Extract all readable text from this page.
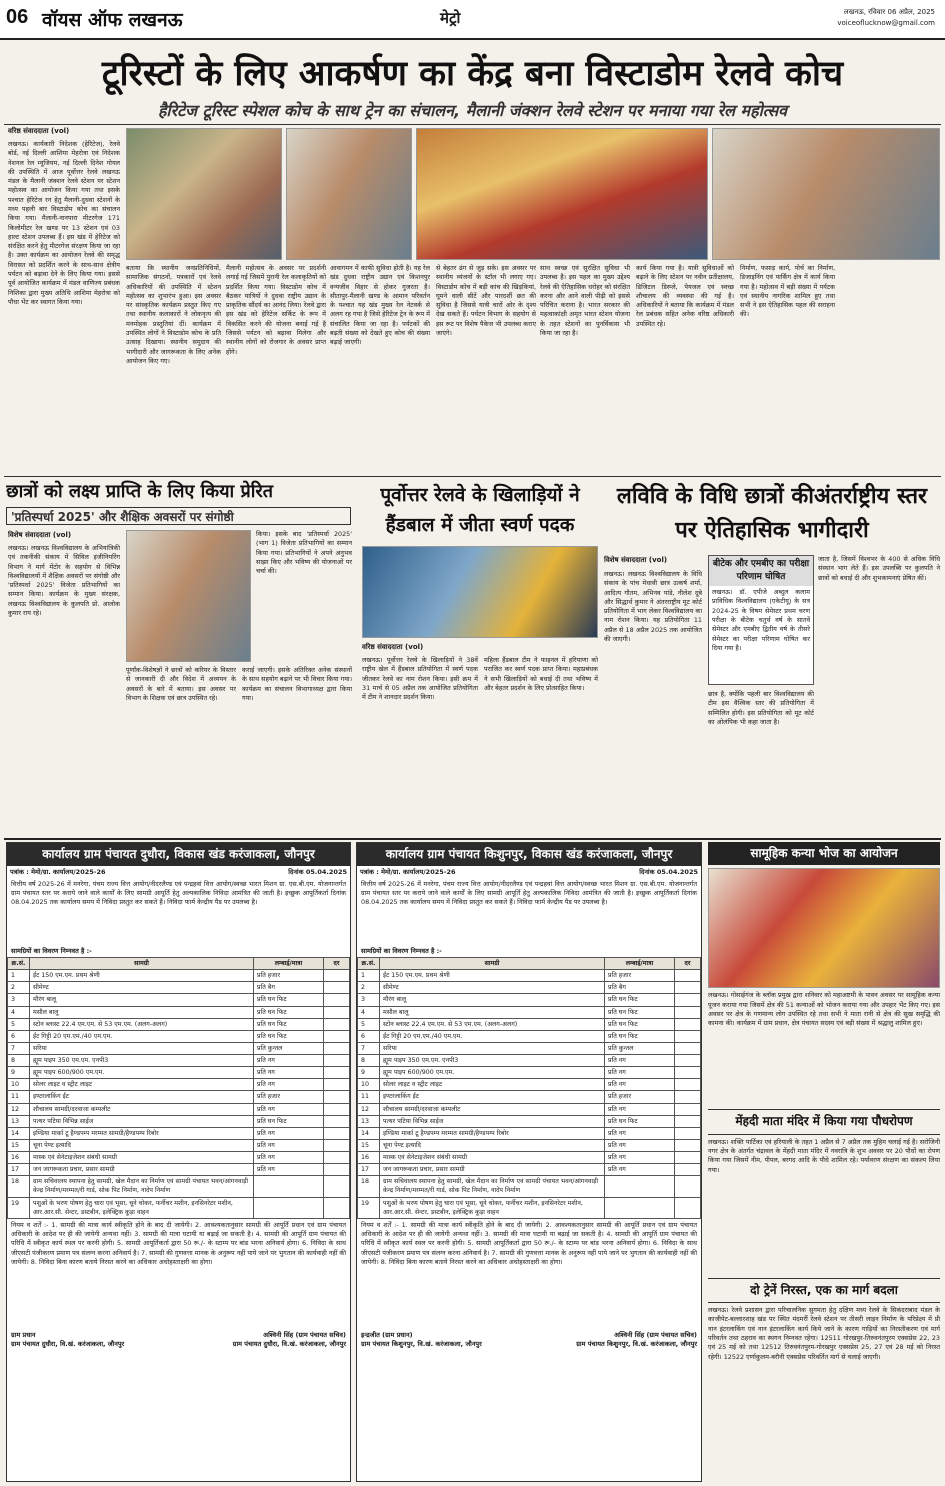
06 वॉयस ऑफ लखनऊ	मेट्रो	लखनऊ, रविवार 06 अप्रैल, 2025
voiceoflucknow@gmail.com
टूरिस्टों के लिए आकर्षण का केंद्र बना विस्टाडोम रेलवे कोच
हैरिटेज टूरिस्ट स्पेशल कोच के साथ ट्रेन का संचालन, मैलानी जंक्शन रेलवे स्टेशन पर मनाया गया रेल महोत्सव
वरिष्ठ संवाददाता (vol)
लखनऊ। कार्यकारी निदेशक (हेरिटेज), रेलवे बोर्ड, नई दिल्ली आशिमा मेहरोत्रा एवं निदेशक नेशनल रेल म्यूजियम, नई दिल्ली दिनेश गोयल की उपस्थिति में आज पूर्वोत्तर रेलवे लखनऊ मंडल के मैलानी जंक्शन रेलवे स्टेशन पर स्टेशन महोत्सव का आयोजन किया गया तथा इसके पश्चात हेरिटेज रन हेतु मैलानी-दुधवा स्टेशनों के मध्य पहली बार विस्टाडोम कोच का संचालन किया गया। मैलानी-नानपारा मीटरगेज 171 किलोमीटर रेल खण्ड पर 13 स्टेशन एवं 03 हाल्ट स्टेशन उपलब्ध हैं। इस खंड में हेरिटेज को संरक्षित करने हेतु मीटरगेज संरक्षण किया जा रहा है। उक्त कार्यक्रम का आयोजन रेलवे की समृद्ध विरासत को प्रदर्शित करने के साथ-साथ क्षेत्रीय पर्यटन को बढ़ावा देने के लिए किया गया। इससे पूर्व आयोजित कार्यक्रम में मंडल वाणिज्य प्रबंधक निशिका द्वारा मुख्य अतिथि आशिमा मेहरोत्रा को पौधा भेंट कर स्वागत किया गया।
बताया कि स्थानीय जनप्रतिनिधियों, सामाजिक संगठनों, पत्रकारों एवं रेलवे अधिकारियों की उपस्थिति में स्टेशन महोत्सव का शुभारंभ हुआ। इस अवसर पर सांस्कृतिक कार्यक्रम प्रस्तुत किए गए तथा स्थानीय कलाकारों ने लोकनृत्य की मनमोहक प्रस्तुतियां दीं। कार्यक्रम में उपस्थित लोगों ने विस्टाडोम कोच के प्रति उत्साह दिखाया। स्थानीय समुदाय की भागीदारी और जागरूकता के लिए अनेक आयोजन किए गए।
मैलानी महोत्सव के अवसर पर प्रदर्शनी लगाई गई जिसमें पुरानी रेल कलाकृतियों को प्रदर्शित किया गया। विस्टाडोम कोच में बैठकर यात्रियों ने दुधवा राष्ट्रीय उद्यान के प्राकृतिक सौंदर्य का आनंद लिया। रेलवे द्वारा इस खंड को हेरिटेज सर्किट के रूप में विकसित करने की योजना बनाई गई है जिससे पर्यटन को बढ़ावा मिलेगा और स्थानीय लोगों को रोजगार के अवसर प्राप्त होंगे।
आवागमन में काफी सुविधा होती है। यह रेल खंड दुधवा राष्ट्रीय उद्यान एवं किशनपुर वन्यजीव विहार से होकर गुजरता है। सीतापुर-मैलानी खण्ड के आमान परिवर्तन के पश्चात यह खंड मुख्य रेल नेटवर्क से अलग रह गया है जिसे हेरिटेज ट्रेन के रूप में संचालित किया जा रहा है। पर्यटकों की बढ़ती संख्या को देखते हुए कोच की संख्या बढ़ाई जाएगी।
से बेहतर ढंग से जुड़ सके। इस अवसर पर स्थानीय व्यंजनों के स्टॉल भी लगाए गए। विस्टाडोम कोच में बड़ी कांच की खिड़कियां, घूमने वाली सीटें और पारदर्शी छत की सुविधा है जिससे यात्री चारों ओर के दृश्य देख सकते हैं। पर्यटन विभाग के सहयोग से इस रूट पर विशेष पैकेज भी उपलब्ध कराए जाएंगे।
साथ स्वच्छ एवं सुरक्षित सुविधा भी उपलब्ध है। इस पहल का मुख्य उद्देश्य रेलवे की ऐतिहासिक धरोहर को संरक्षित करना और आने वाली पीढ़ी को इससे परिचित कराना है। भारत सरकार की महत्वाकांक्षी अमृत भारत स्टेशन योजना के तहत स्टेशनों का पुनर्विकास भी किया जा रहा है।
कार्य किया गया है। यात्री सुविधाओं को बढ़ाने के लिए स्टेशन पर नवीन प्रतीक्षालय, डिजिटल डिस्प्ले, पेयजल एवं स्वच्छ शौचालय की व्यवस्था की गई है। अधिकारियों ने बताया कि कार्यक्रम में मंडल रेल प्रबंधक सहित अनेक वरिष्ठ अधिकारी उपस्थित रहे।
निर्माण, फसाड़ कार्य, पोर्च का निर्माण, डिजाइनिंग एवं पार्किंग क्षेत्र में कार्य किया गया है। महोत्सव में बड़ी संख्या में पर्यटक एवं स्थानीय नागरिक शामिल हुए तथा सभी ने इस ऐतिहासिक पहल की सराहना की।
छात्रों को लक्ष्य प्राप्ति के लिए किया प्रेरित
'प्रतिस्पर्धा 2025' और शैक्षिक अवसरों पर संगोष्ठी
विशेष संवाददाता (vol)
लखनऊ। लखनऊ विश्वविद्यालय के अभियांत्रिकी एवं तकनीकी संकाय में सिविल इंजीनियरिंग विभाग ने मार्ग मेंटोर के सहयोग से विभिन्न विश्वविद्यालयों में शैक्षिक अवसरों पर संगोष्ठी और 'प्रतिस्पर्धा 2025' विजेता प्रतिभागियों का सम्मान किया। कार्यक्रम के मुख्य संरक्षक, लखनऊ विश्वविद्यालय के कुलपति प्रो. आलोक कुमार राय रहे।
किया। इसके बाद 'प्रतिस्पर्धा 2025' (भाग 1) विजेता प्रतिभागियों का सम्मान किया गया। प्रतिभागियों ने अपने अनुभव साझा किए और भविष्य की योजनाओं पर चर्चा की।
पूर्णांक-विशेषज्ञों ने छात्रों को करियर के विस्तार से जानकारी दी और विदेश में अध्ययन के अवसरों के बारे में बताया। इस अवसर पर विभाग के शिक्षक एवं छात्र उपस्थित रहे।
कराई जाएगी। इसके अतिरिक्त अनेक संस्थानों के साथ सहयोग बढ़ाने पर भी विचार किया गया। कार्यक्रम का संचालन विभागाध्यक्ष द्वारा किया गया।
पूर्वोत्तर रेलवे के खिलाड़ियों ने हैंडबाल में जीता स्वर्ण पदक
वरिष्ठ संवाददाता (vol)
लखनऊ। पूर्वोत्तर रेलवे के खिलाड़ियों ने 38वें राष्ट्रीय खेल में हैंडबाल प्रतियोगिता में स्वर्ण पदक जीतकर रेलवे का नाम रोशन किया। इसी क्रम में 31 मार्च से 05 अप्रैल तक आयोजित प्रतियोगिता में टीम ने शानदार प्रदर्शन किया।
महिला हैंडबाल टीम ने फाइनल में हरियाणा को पराजित कर स्वर्ण पदक प्राप्त किया। महाप्रबंधक ने सभी खिलाड़ियों को बधाई दी तथा भविष्य में और बेहतर प्रदर्शन के लिए प्रोत्साहित किया।
लविवि के विधि छात्रों कीअंतर्राष्ट्रीय स्तर पर ऐतिहासिक भागीदारी
विशेष संवाददाता (vol)
लखनऊ। लखनऊ विश्वविद्यालय के विधि संकाय के पांच मेधावी छात्र उत्कर्ष शर्मा, आदित्य गौतम, अभिनव पांडे, नीलेश दूबे और सिद्धार्थ कुमार ने अंतरराष्ट्रीय मूट कोर्ट प्रतियोगिता में भाग लेकर विश्वविद्यालय का नाम रोशन किया। यह प्रतियोगिता 11 अप्रैल से 18 अप्रैल 2025 तक आयोजित की जाएगी।
बीटेक और एमबीए का परीक्षा परिणाम घोषित
लखनऊ। डॉ. एपीजे अब्दुल कलाम प्राविधिक विश्वविद्यालय (एकेटीयू) के सत्र 2024-25 के विषम सेमेस्टर प्रथम चरण परीक्षा के बीटेक चतुर्थ वर्ष के सातवें सेमेस्टर और एमबीए द्वितीय वर्ष के तीसरे सेमेस्टर का परीक्षा परिणाम घोषित कर दिया गया है।
छात्र है, क्योंकि पहली बार विश्वविद्यालय की टीम इस वैश्विक स्तर की प्रतियोगिता में सम्मिलित होगी। इस प्रतियोगिता को मूट कोर्ट का ओलंपिक भी कहा जाता है।
जाता है, जिसमें विश्वभर के 400 से अधिक विधि संस्थान भाग लेते हैं। इस उपलब्धि पर कुलपति ने छात्रों को बधाई दी और शुभकामनाएं प्रेषित कीं।
कार्यालय ग्राम पंचायत दुधौरा, विकास खंड करंजाकला, जौनपुर
पत्रांक : मेमो/ग्रा. कार्यालय/2025-26	दिनांक 05.04.2025
वित्तीय वर्ष 2025-26 में मनरेगा, पंचम राज्य वित्त आयोग/नीदरलैण्ड एवं पन्द्रहवां वित्त आयोग/स्वच्छ भारत मिशन ग्रा. एस.बी.एम. योजनान्तर्गत ग्राम पंचायत स्तर पर कराये जाने वाले कार्यों के लिए सामग्री आपूर्ति हेतु अल्पकालिक निविदा आमंत्रित की जाती है। इच्छुक आपूर्तिकर्ता दिनांक 08.04.2025 तक कार्यालय समय में निविदा प्रस्तुत कर सकते हैं। निविदा फार्म केन्द्रीय पैड पर उपलब्ध है।
सामग्रियों का विवरण निम्नवत है :-
क्र.सं.	सामग्री	लम्बाई/मात्रा	दर
1	ईंट 150 एम.एम. प्रथम श्रेणी	प्रति हजार	
2	सीमेण्ट	प्रति बैग	
3	मौरंग बालू	प्रति घन फिट	
4	मसौल बालू	प्रति घन फिट	
5	स्टोन ब्लास्ट 22.4 एम.एम. से 53 एम.एम. (अलग-अलग)	प्रति घन फिट	
6	ईंट गिट्टी 20 एम.एम./40 एम.एम.	प्रति घन फिट	
7	सरिया	प्रति कुन्तल	
8	ह्यूम पाइप 350 एम.एम. एनपी3	प्रति नग	
9	ह्यूम पाइप 600/900 एम.एम.	प्रति नग	
10	सोलर लाइट व स्ट्रीट लाइट	प्रति नग	
11	इण्टरलाकिंग ईंट	प्रति हजार	
12	शौचालय सामग्री/दरवाजा कम्पलीट	प्रति नग	
13	पत्थर पटिया विभिन्न साईज	प्रति घन फिट	
14	इण्डिया मार्का टू हैण्डपम्प मरम्मत सामग्री/हैण्डपम्प रिबोर	प्रति नग	
15	चूना पेण्ट इत्यादि	प्रति नग	
16	मास्क एवं सेनेटाइजेशन संबंधी सामग्री	प्रति नग	
17	जन जागरूकता प्रचार, प्रसार सामग्री	प्रति नग	
18	ग्राम सचिवालय स्थापना हेतु सामग्री, खेल मैदान का निर्माण एवं सामग्री पंचायत भवन/आंगनवाड़ी केन्द्र निर्माण/मरम्मत/री गार्ड, सोक पिट निर्माण, नादेप निर्माण		
19	पशुओं के भरण पोषण हेतु चारा एवं भूसा, चूने चोकर, फर्नीचर मशीन, इनसिनरेटर मशीन, आर.आर.सी. सेन्टर, डस्टबीन, इलेक्ट्रिक कूड़ा वाहन		
नियम व शर्तें :- 1. सामग्री की मात्रा कार्य स्वीकृति होने के बाद दी जायेगी। 2. आवश्यकतानुसार सामग्री की आपूर्ति प्रधान एवं ग्राम पंचायत अधिकारी के आदेश पर ही की जायेगी अन्यथा नहीं। 3. सामग्री की मात्रा घटायी या बढ़ाई जा सकती है। 4. सामग्री की आपूर्ति ग्राम पंचायत की परिधि में स्वीकृत कार्य स्थल पर करनी होगी। 5. सामग्री आपूर्तिकर्ता द्वारा 50 रू./- के स्टाम्प पर बांड भरना अनिवार्य होगा। 6. निविदा के साथ जीएसटी पंजीकरण प्रमाण पत्र संलग्न करना अनिवार्य है। 7. सामग्री की गुणवत्ता मानक के अनुरूप नहीं पाये जाने पर भुगतान की कार्यवाही नहीं की जायेगी। 8. निविदा बिना कारण बताये निरस्त करने का अधिकार अधोहस्ताक्षरी का होगा।
ग्राम प्रधान
ग्राम पंचायत दुधौरा, वि.खं. करंजाकला, जौनपुर
अश्विनी सिंह (ग्राम पंचायत सचिव)
ग्राम पंचायत दुधौरा, वि.खं. करंजाकला, जौनपुर
कार्यालय ग्राम पंचायत किशुनपुर, विकास खंड करंजाकला, जौनपुर
पत्रांक : मेमो/ग्रा. कार्यालय/2025-26	दिनांक 05.04.2025
वित्तीय वर्ष 2025-26 में मनरेगा, पंचम राज्य वित्त आयोग/नीदरलैण्ड एवं पन्द्रहवां वित्त आयोग/स्वच्छ भारत मिशन ग्रा. एस.बी.एम. योजनान्तर्गत ग्राम पंचायत स्तर पर कराये जाने वाले कार्यों के लिए सामग्री आपूर्ति हेतु अल्पकालिक निविदा आमंत्रित की जाती है। इच्छुक आपूर्तिकर्ता दिनांक 08.04.2025 तक कार्यालय समय में निविदा प्रस्तुत कर सकते हैं। निविदा फार्म केन्द्रीय पैड पर उपलब्ध है।
सामग्रियों का विवरण निम्नवत है :-
क्र.सं.	सामग्री	लम्बाई/मात्रा	दर
1	ईंट 150 एम.एम. प्रथम श्रेणी	प्रति हजार	
2	सीमेण्ट	प्रति बैग	
3	मौरंग बालू	प्रति घन फिट	
4	मसौल बालू	प्रति घन फिट	
5	स्टोन ब्लास्ट 22.4 एम.एम. से 53 एम.एम. (अलग-अलग)	प्रति घन फिट	
6	ईंट गिट्टी 20 एम.एम./40 एम.एम.	प्रति घन फिट	
7	सरिया	प्रति कुन्तल	
8	ह्यूम पाइप 350 एम.एम. एनपी3	प्रति नग	
9	ह्यूम पाइप 600/900 एम.एम.	प्रति नग	
10	सोलर लाइट व स्ट्रीट लाइट	प्रति नग	
11	इण्टरलाकिंग ईंट	प्रति हजार	
12	शौचालय सामग्री/दरवाजा कम्पलीट	प्रति नग	
13	पत्थर पटिया विभिन्न साईज	प्रति घन फिट	
14	इण्डिया मार्का टू हैण्डपम्प मरम्मत सामग्री/हैण्डपम्प रिबोर	प्रति नग	
15	चूना पेण्ट इत्यादि	प्रति नग	
16	मास्क एवं सेनेटाइजेशन संबंधी सामग्री	प्रति नग	
17	जन जागरूकता प्रचार, प्रसार सामग्री	प्रति नग	
18	ग्राम सचिवालय स्थापना हेतु सामग्री, खेल मैदान का निर्माण एवं सामग्री पंचायत भवन/आंगनवाड़ी केन्द्र निर्माण/मरम्मत/री गार्ड, सोक पिट निर्माण, नादेप निर्माण		
19	पशुओं के भरण पोषण हेतु चारा एवं भूसा, चूने चोकर, फर्नीचर मशीन, इनसिनरेटर मशीन, आर.आर.सी. सेन्टर, डस्टबीन, इलेक्ट्रिक कूड़ा वाहन		
नियम व शर्तें :- 1. सामग्री की मात्रा कार्य स्वीकृति होने के बाद दी जायेगी। 2. आवश्यकतानुसार सामग्री की आपूर्ति प्रधान एवं ग्राम पंचायत अधिकारी के आदेश पर ही की जायेगी अन्यथा नहीं। 3. सामग्री की मात्रा घटायी या बढ़ाई जा सकती है। 4. सामग्री की आपूर्ति ग्राम पंचायत की परिधि में स्वीकृत कार्य स्थल पर करनी होगी। 5. सामग्री आपूर्तिकर्ता द्वारा 50 रू./- के स्टाम्प पर बांड भरना अनिवार्य होगा। 6. निविदा के साथ जीएसटी पंजीकरण प्रमाण पत्र संलग्न करना अनिवार्य है। 7. सामग्री की गुणवत्ता मानक के अनुरूप नहीं पाये जाने पर भुगतान की कार्यवाही नहीं की जायेगी। 8. निविदा बिना कारण बताये निरस्त करने का अधिकार अधोहस्ताक्षरी का होगा।
इन्द्रजीत (ग्राम प्रधान)
ग्राम पंचायत किशुनपुर, वि.खं. करंजाकला, जौनपुर
अश्विनी सिंह (ग्राम पंचायत सचिव)
ग्राम पंचायत किशुनपुर, वि.खं. करंजाकला, जौनपुर
सामूहिक कन्या भोज का आयोजन
लखनऊ। गोसाईगंज के ब्लॉक प्रमुख द्वारा शनिवार को महाअष्टमी के पावन अवसर पर सामूहिक कन्या पूजन कराया गया जिसमें क्षेत्र की 51 कन्याओं को भोजन कराया गया और उपहार भेंट किए गए। इस अवसर पर क्षेत्र के गणमान्य लोग उपस्थित रहे तथा सभी ने माता रानी से क्षेत्र की सुख समृद्धि की कामना की। कार्यक्रम में ग्राम प्रधान, क्षेत्र पंचायत सदस्य एवं बड़ी संख्या में श्रद्धालु शामिल हुए।
मेंहदी माता मंदिर में किया गया पौधरोपण
लखनऊ। शक्ति पार्टिका एवं हरियाली के तहत 1 अप्रैल से 7 अप्रैल तक मुहिम चलाई गई है। सरोजिनी नगर क्षेत्र के अंतर्गत चंद्रावल के मेंहदी माता मंदिर में नवरात्रि के शुभ अवसर पर 20 पौधों का रोपण किया गया जिसमें नीम, पीपल, बरगद आदि के पौधे शामिल रहे। पर्यावरण संरक्षण का संकल्प लिया गया।
दो ट्रेनें निरस्त, एक का मार्ग बदला
लखनऊ। रेलवे प्रशासन द्वारा परिचालनिक सुगमता हेतु दक्षिण मध्य रेलवे के सिकंदराबाद मंडल के काजीपेट-बल्लारशाह खंड पर स्थित मंदमर्री रेलवे स्टेशन पर तीसरी लाइन निर्माण के परिप्रेक्ष्य में प्री नान इंटरलाकिंग एवं नान इंटरलाकिंग कार्य किये जाने के कारण गाड़ियों का निरस्तीकरण एवं मार्ग परिवर्तन तथा ठहराव का स्थगन निम्नवत रहेगा। 12511 गोरखपुर-तिरुवनंतपुरम एक्सप्रेस 22, 23 एवं 25 मई को तथा 12512 तिरुवनंतपुरम-गोरखपुर एक्सप्रेस 25, 27 एवं 28 मई को निरस्त रहेगी। 12522 एर्णाकुलम-बरौनी एक्सप्रेस परिवर्तित मार्ग से चलाई जाएगी।
